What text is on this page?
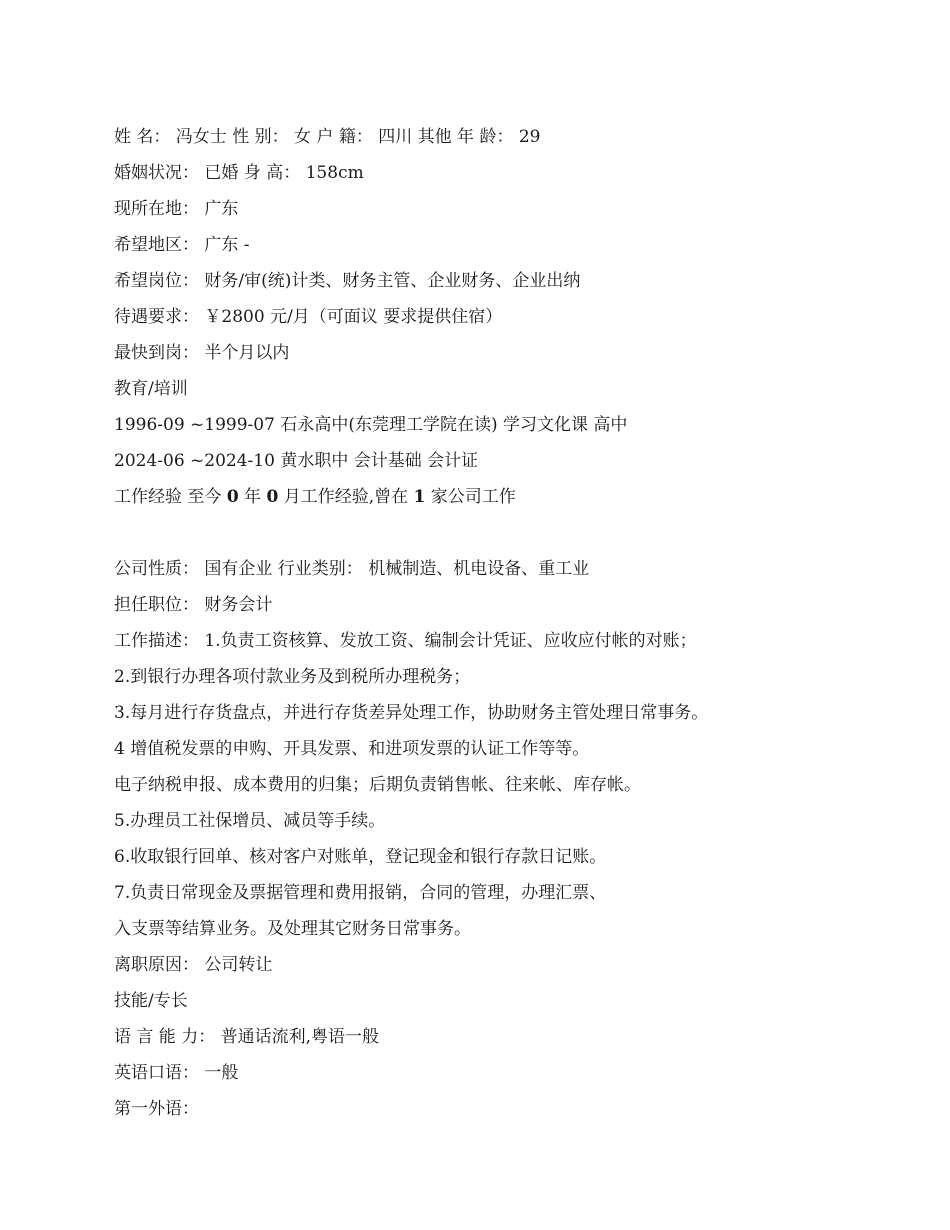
姓 名： 冯女士 性 别： 女 户 籍： 四川 其他 年 龄： 29
婚姻状况： 已婚 身 高： 158cm
现所在地： 广东
希望地区： 广东 -
希望岗位： 财务/审(统)计类、财务主管、企业财务、企业出纳
待遇要求： ￥2800 元/月（可面议 要求提供住宿）
最快到岗： 半个月以内
教育/培训
1996-09 ~1999-07 石永高中(东莞理工学院在读) 学习文化课 高中
2024-06 ~2024-10 黄水职中 会计基础 会计证
工作经验 至今 0 年 0 月工作经验,曾在 1 家公司工作
公司性质： 国有企业 行业类别： 机械制造、机电设备、重工业
担任职位： 财务会计
工作描述： 1.负责工资核算、发放工资、编制会计凭证、应收应付帐的对账；
2.到银行办理各项付款业务及到税所办理税务；
3.每月进行存货盘点，并进行存货差异处理工作，协助财务主管处理日常事务。
4 增值税发票的申购、开具发票、和进项发票的认证工作等等。
电子纳税申报、成本费用的归集；后期负责销售帐、往来帐、库存帐。
5.办理员工社保增员、减员等手续。
6.收取银行回单、核对客户对账单，登记现金和银行存款日记账。
7.负责日常现金及票据管理和费用报销，合同的管理，办理汇票、
入支票等结算业务。及处理其它财务日常事务。
离职原因： 公司转让
技能/专长
语 言 能 力： 普通话流利,粤语一般
英语口语： 一般
第一外语：
